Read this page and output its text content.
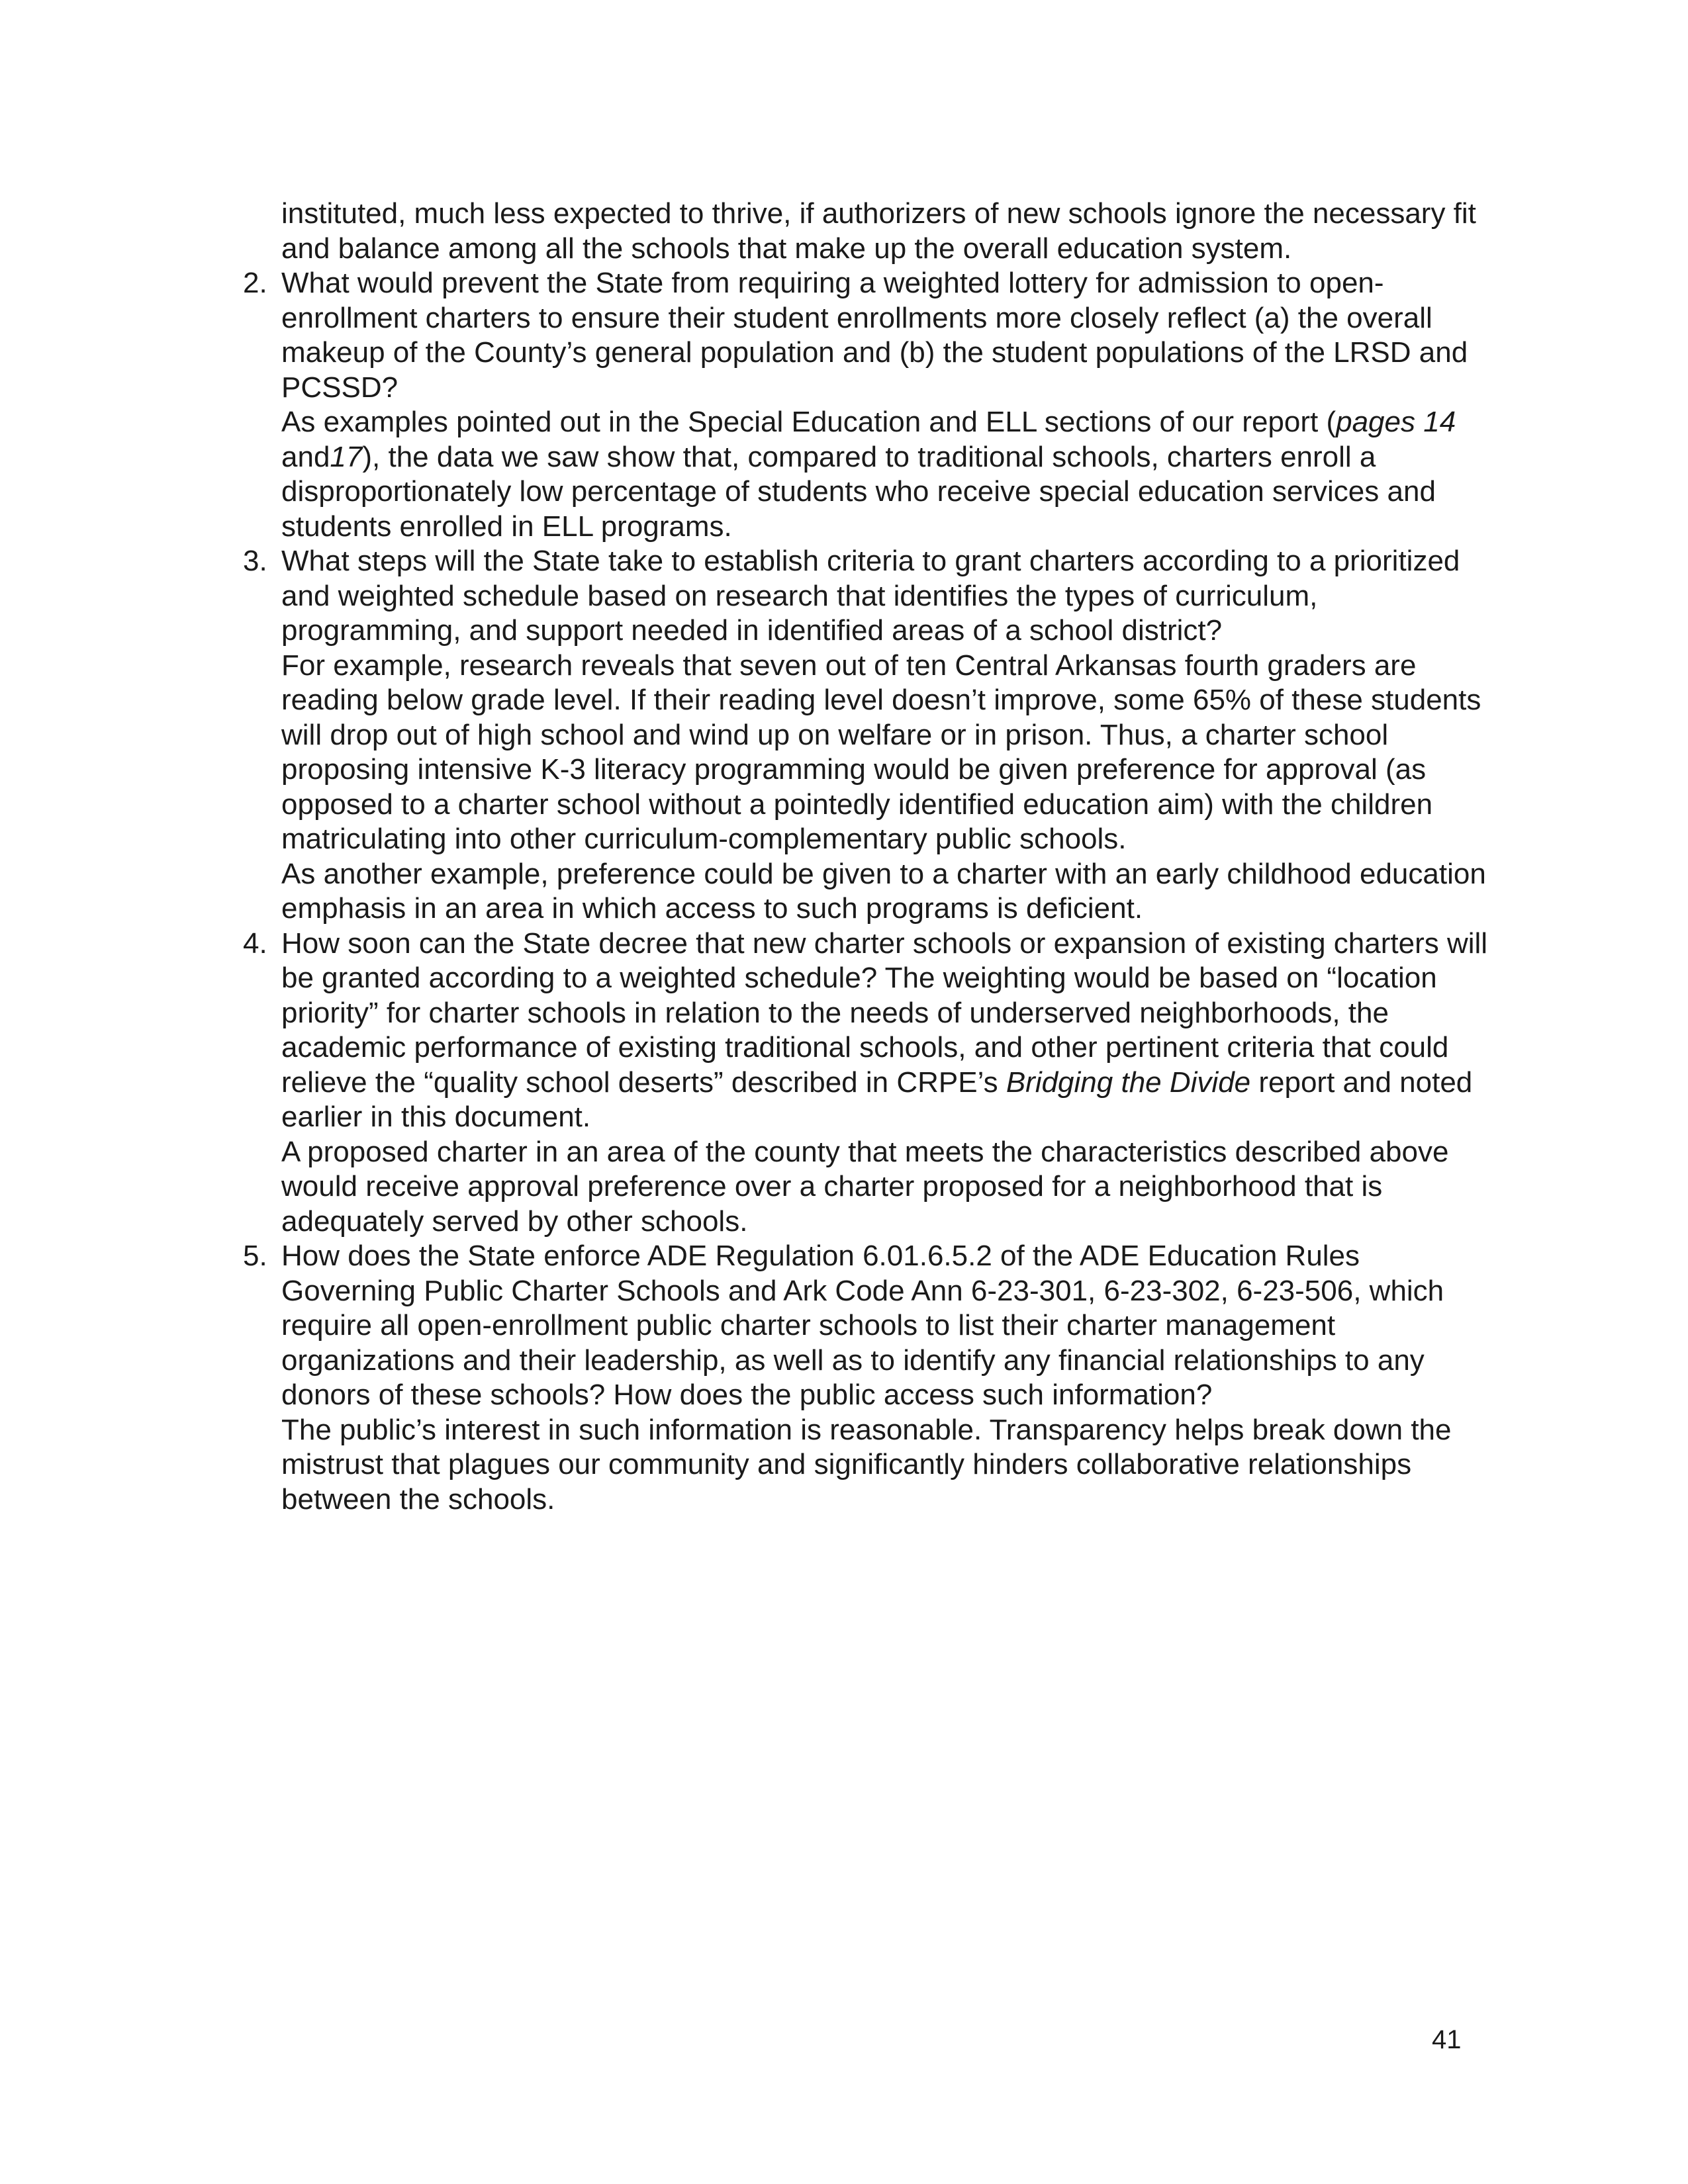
instituted, much less expected to thrive, if authorizers of new schools ignore the necessary fit and balance among all the schools that make up the overall education system.

2. What would prevent the State from requiring a weighted lottery for admission to open-enrollment charters to ensure their student enrollments more closely reflect (a) the overall makeup of the County’s general population and (b) the student populations of the LRSD and PCSSD?

As examples pointed out in the Special Education and ELL sections of our report (pages 14 and17), the data we saw show that, compared to traditional schools, charters enroll a disproportionately low percentage of students who receive special education services and students enrolled in ELL programs.

3. What steps will the State take to establish criteria to grant charters according to a prioritized and weighted schedule based on research that identifies the types of curriculum, programming, and support needed in identified areas of a school district?

For example, research reveals that seven out of ten Central Arkansas fourth graders are reading below grade level. If their reading level doesn’t improve, some 65% of these students will drop out of high school and wind up on welfare or in prison. Thus, a charter school proposing intensive K-3 literacy programming would be given preference for approval (as opposed to a charter school without a pointedly identified education aim) with the children matriculating into other curriculum-complementary public schools.

As another example, preference could be given to a charter with an early childhood education emphasis in an area in which access to such programs is deficient.

4. How soon can the State decree that new charter schools or expansion of existing charters will be granted according to a weighted schedule? The weighting would be based on “location priority” for charter schools in relation to the needs of underserved neighborhoods, the academic performance of existing traditional schools, and other pertinent criteria that could relieve the “quality school deserts” described in CRPE’s Bridging the Divide report and noted earlier in this document.

A proposed charter in an area of the county that meets the characteristics described above would receive approval preference over a charter proposed for a neighborhood that is adequately served by other schools.

5. How does the State enforce ADE Regulation 6.01.6.5.2 of the ADE Education Rules Governing Public Charter Schools and Ark Code Ann 6-23-301, 6-23-302, 6-23-506, which require all open-enrollment public charter schools to list their charter management organizations and their leadership, as well as to identify any financial relationships to any donors of these schools? How does the public access such information?

The public’s interest in such information is reasonable. Transparency helps break down the mistrust that plagues our community and significantly hinders collaborative relationships between the schools.

41
